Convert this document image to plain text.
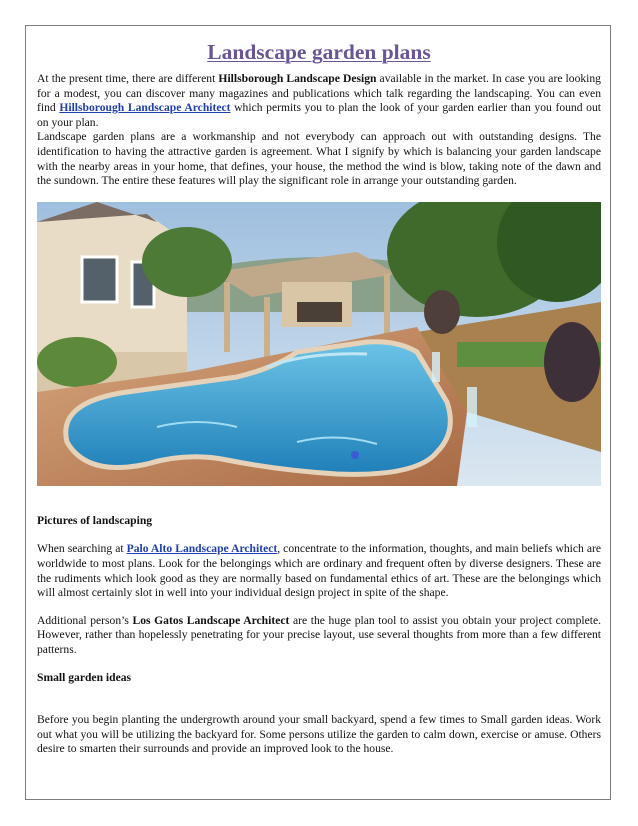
Landscape garden plans

At the present time, there are different Hillsborough Landscape Design available in the market. In case you are looking for a modest, you can discover many magazines and publications which talk regarding the landscaping. You can even find Hillsborough Landscape Architect which permits you to plan the look of your garden earlier than you found out on your plan.

Landscape garden plans are a workmanship and not everybody can approach out with outstanding designs. The identification to having the attractive garden is agreement. What I signify by which is balancing your garden landscape with the nearby areas in your home, that defines, your house, the method the wind is blow, taking note of the dawn and the sundown. The entire these features will play the significant role in arrange your outstanding garden.

Pictures of landscaping

When searching at Palo Alto Landscape Architect, concentrate to the information, thoughts, and main beliefs which are worldwide to most plans. Look for the belongings which are ordinary and frequent often by diverse designers. These are the rudiments which look good as they are normally based on fundamental ethics of art. These are the belongings which will almost certainly slot in well into your individual design project in spite of the shape.

Additional person’s Los Gatos Landscape Architect are the huge plan tool to assist you obtain your project complete. However, rather than hopelessly penetrating for your precise layout, use several thoughts from more than a few different patterns.

Small garden ideas

Before you begin planting the undergrowth around your small backyard, spend a few times to Small garden ideas. Work out what you will be utilizing the backyard for. Some persons utilize the garden to calm down, exercise or amuse. Others desire to smarten their surrounds and provide an improved look to the house.
